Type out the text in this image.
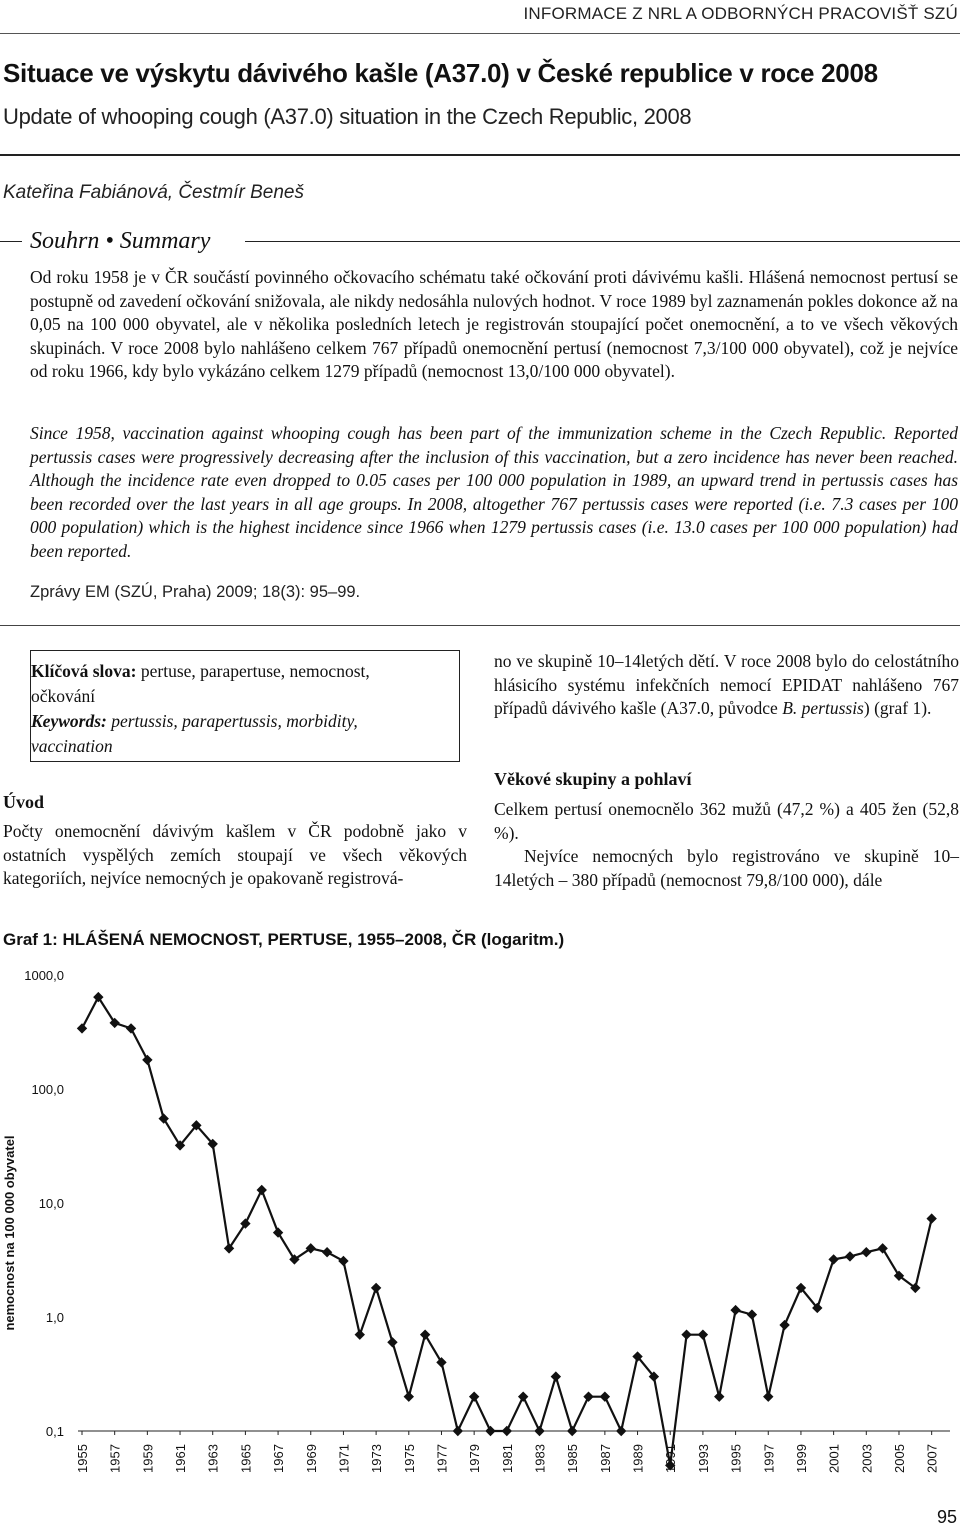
INFORMACE Z NRL A ODBORNÝCH PRACOVIŠŤ SZÚ
Situace ve výskytu dávivého kašle (A37.0) v České republice v roce 2008
Update of whooping cough (A37.0) situation in the Czech Republic, 2008
Kateřina Fabiánová, Čestmír Beneš
Souhrn • Summary
Od roku 1958 je v ČR součástí povinného očkovacího schématu také očkování proti dávivému kašli. Hlášená nemocnost pertusí se postupně od zavedení očkování snižovala, ale nikdy nedosáhla nulových hodnot. V roce 1989 byl zaznamenán pokles dokonce až na 0,05 na 100 000 obyvatel, ale v několika posledních letech je registrován stoupající počet onemocnění, a to ve všech věkových skupinách. V roce 2008 bylo nahlášeno celkem 767 případů onemocnění pertusí (nemocnost 7,3/100 000 obyvatel), což je nejvíce od roku 1966, kdy bylo vykázáno celkem 1279 případů (nemocnost 13,0/100 000 obyvatel).
Since 1958, vaccination against whooping cough has been part of the immunization scheme in the Czech Republic. Reported pertussis cases were progressively decreasing after the inclusion of this vaccination, but a zero incidence has never been reached. Although the incidence rate even dropped to 0.05 cases per 100 000 population in 1989, an upward trend in pertussis cases has been recorded over the last years in all age groups. In 2008, altogether 767 pertussis cases were reported (i.e. 7.3 cases per 100 000 population) which is the highest incidence since 1966 when 1279 pertussis cases (i.e. 13.0 cases per 100 000 population) had been reported.
Zprávy EM (SZÚ, Praha) 2009; 18(3): 95–99.
Klíčová slova: pertuse, parapertuse, nemocnost, očkování
Keywords: pertussis, parapertussis, morbidity, vaccination
Úvod
Počty onemocnění dávivým kašlem v ČR podobně jako v ostatních vyspělých zemích stoupají ve všech věkových kategoriích, nejvíce nemocných je opakovaně registrová-
no ve skupině 10–14letých dětí. V roce 2008 bylo do celostátního hlásicího systému infekčních nemocí EPIDAT nahlášeno 767 případů dávivého kašle (A37.0, původce B. pertussis) (graf 1).
Věkové skupiny a pohlaví
Celkem pertusí onemocnělo 362 mužů (47,2 %) a 405 žen (52,8 %).
Nejvíce nemocných bylo registrováno ve skupině 10–14letých – 380 případů (nemocnost 79,8/100 000), dále
Graf 1: HLÁŠENÁ NEMOCNOST, PERTUSE, 1955–2008, ČR (logaritm.)
0,1
1,0
10,0
100,0
1000,0
1955 1957 1959 1961 1963 1965 1967 1969 1971 1973 1975 1977 1979 1981 1983 1985 1987 1989 1991 1993 1995 1997 1999 2001 2003 2005 2007
nemocnost na 100 000 obyvatel
95
